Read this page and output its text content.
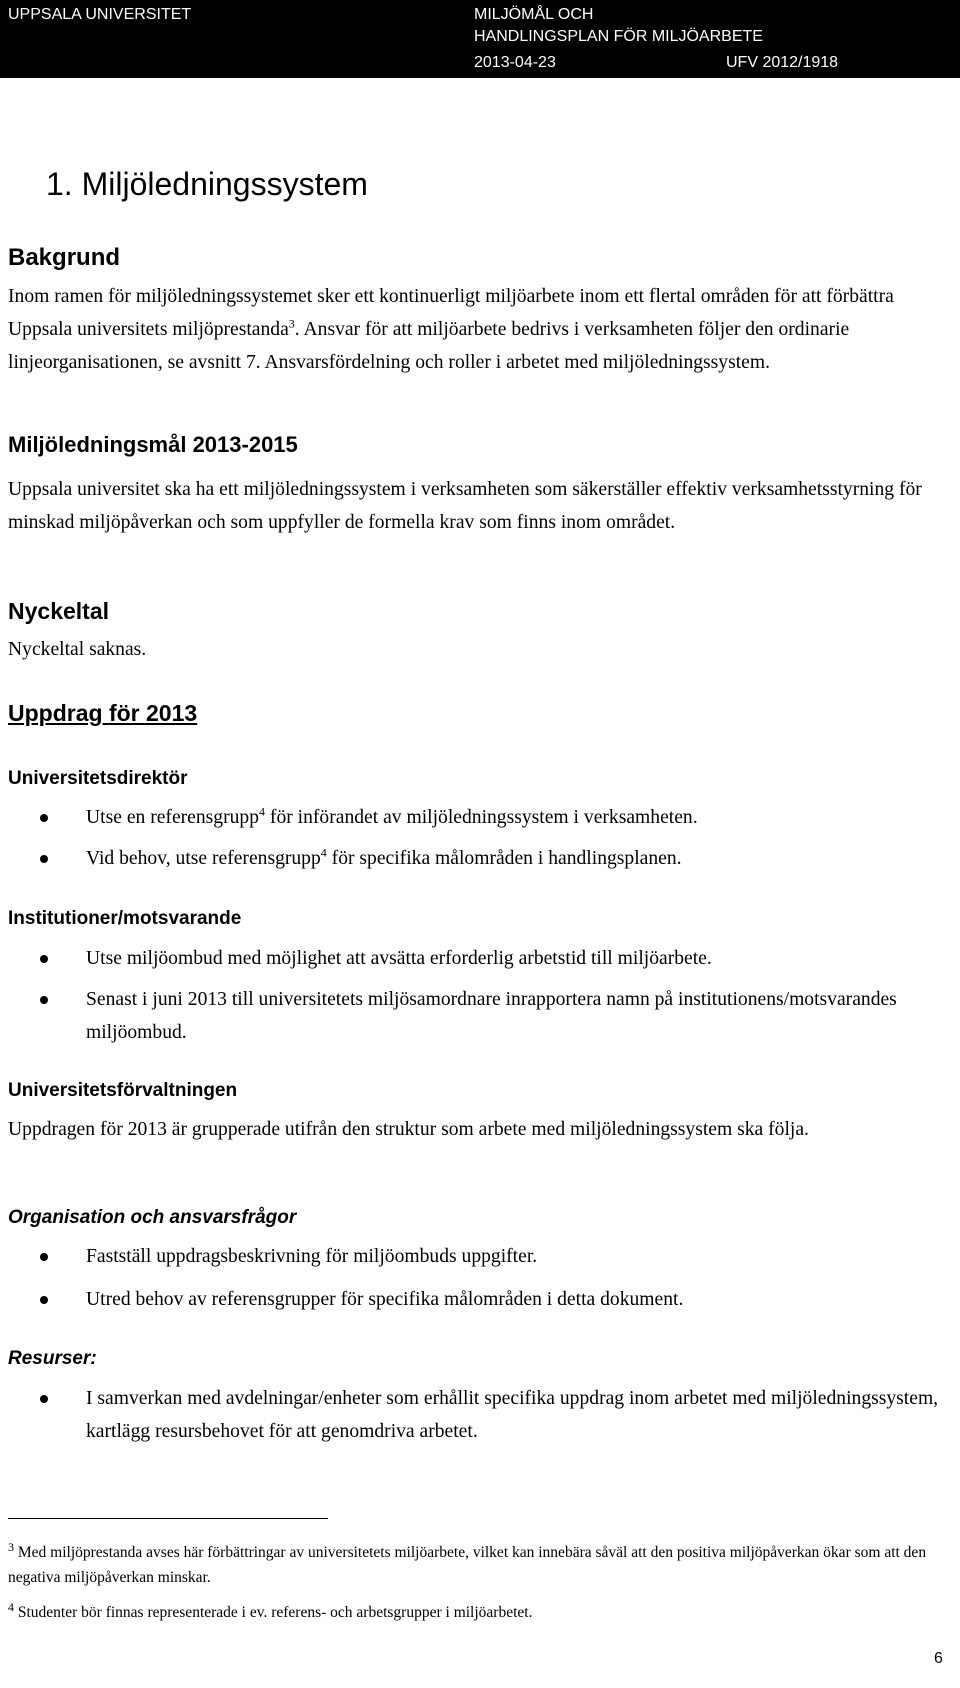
UPPSALA UNIVERSITET	MILJÖMÅL OCH
HANDLINGSPLAN FÖR MILJÖARBETE
2013-04-23	UFV 2012/1918
1. Miljöledningssystem
Bakgrund

Inom ramen för miljöledningssystemet sker ett kontinuerligt miljöarbete inom ett flertal områden för att förbättra Uppsala universitets miljöprestanda$^3$. Ansvar för att miljöarbete bedrivs i verksamheten följer den ordinarie linjeorganisationen, se avsnitt 7. Ansvarsfördelning och roller i arbetet med miljöledningssystem.

Miljöledningsmål 2013-2015

Uppsala universitet ska ha ett miljöledningssystem i verksamheten som säkerställer effektiv verksamhetsstyrning för minskad miljöpåverkan och som uppfyller de formella krav som finns inom området.

Nyckeltal

Nyckeltal saknas.

Uppdrag för 2013
Universitetsdirektör
Utse en referensgrupp$^4$ för införandet av miljöledningssystem i verksamheten.
Vid behov, utse referensgrupp$^4$ för specifika målområden i handlingsplanen.
Institutioner/motsvarande
Utse miljöombud med möjlighet att avsätta erforderlig arbetstid till miljöarbete.
Senast i juni 2013 till universitetets miljösamordnare inrapportera namn på institutionens/motsvarandes miljöombud.
Universitetsförvaltningen

Uppdragen för 2013 är grupperade utifrån den struktur som arbete med miljöledningssystem ska följa.

Organisation och ansvarsfrågor
Fastställ uppdragsbeskrivning för miljöombuds uppgifter.
Utred behov av referensgrupper för specifika målområden i detta dokument.
Resurser:
I samverkan med avdelningar/enheter som erhållit specifika uppdrag inom arbetet med miljöledningssystem, kartlägg resursbehovet för att genomdriva arbetet.

$^3$ Med miljöprestanda avses här förbättringar av universitetets miljöarbete, vilket kan innebära såväl att den positiva miljöpåverkan ökar som att den negativa miljöpåverkan minskar.

$^4$ Studenter bör finnas representerade i ev. referens- och arbetsgrupper i miljöarbetet.

6
